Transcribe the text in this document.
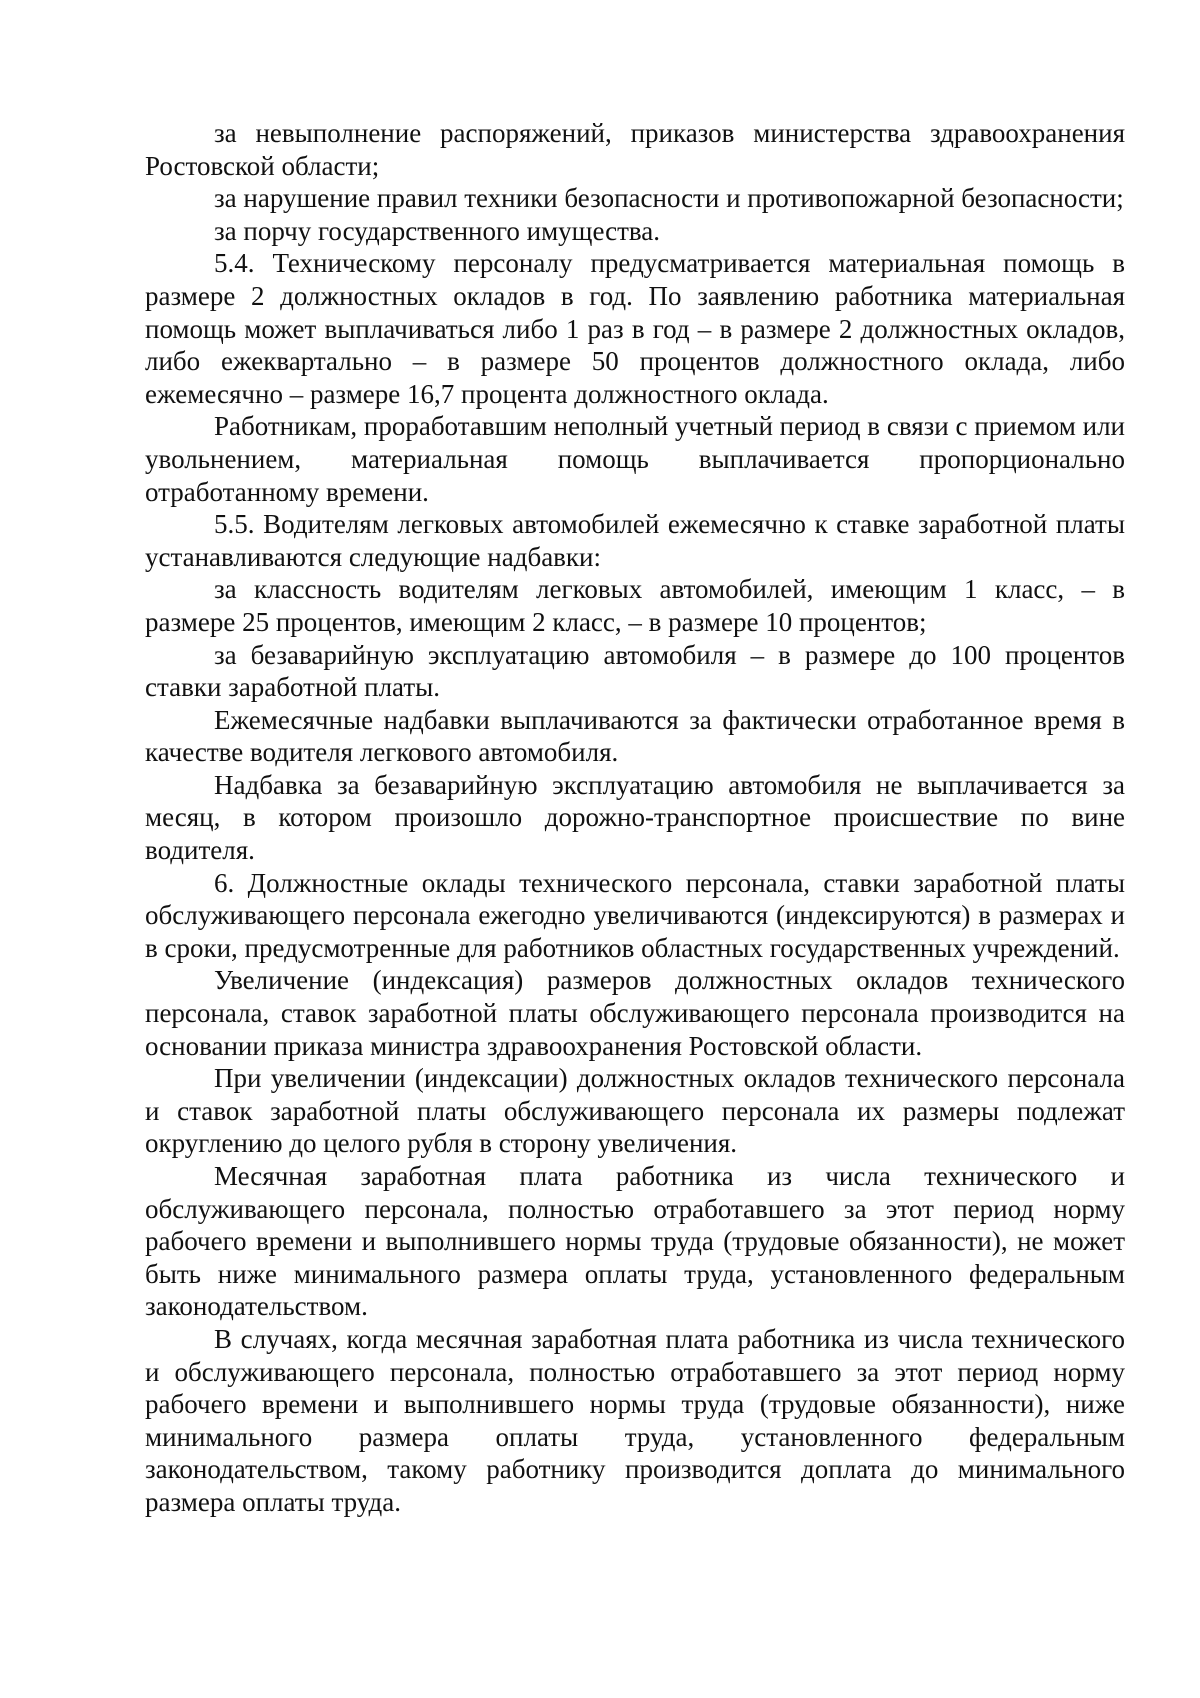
за невыполнение распоряжений, приказов министерства здравоохранения Ростовской области;

за нарушение правил техники безопасности и противопожарной безопасности;

за порчу государственного имущества.

5.4. Техническому персоналу предусматривается материальная помощь в размере 2 должностных окладов в год. По заявлению работника материальная помощь может выплачиваться либо 1 раз в год – в размере 2 должностных окладов, либо ежеквартально – в размере 50 процентов должностного оклада, либо ежемесячно – размере 16,7 процента должностного оклада.

Работникам, проработавшим неполный учетный период в связи с приемом или увольнением, материальная помощь выплачивается пропорционально отработанному времени.

5.5. Водителям легковых автомобилей ежемесячно к ставке заработной платы устанавливаются следующие надбавки:

за классность водителям легковых автомобилей, имеющим 1 класс, – в размере 25 процентов, имеющим 2 класс, – в размере 10 процентов;

за безаварийную эксплуатацию автомобиля – в размере до 100 процентов ставки заработной платы.

Ежемесячные надбавки выплачиваются за фактически отработанное время в качестве водителя легкового автомобиля.

Надбавка за безаварийную эксплуатацию автомобиля не выплачивается за месяц, в котором произошло дорожно-транспортное происшествие по вине водителя.

6. Должностные оклады технического персонала, ставки заработной платы обслуживающего персонала ежегодно увеличиваются (индексируются) в размерах и в сроки, предусмотренные для работников областных государственных учреждений.

Увеличение (индексация) размеров должностных окладов технического персонала, ставок заработной платы обслуживающего персонала производится на основании приказа министра здравоохранения Ростовской области.

При увеличении (индексации) должностных окладов технического персонала и ставок заработной платы обслуживающего персонала их размеры подлежат округлению до целого рубля в сторону увеличения.

Месячная заработная плата работника из числа технического и обслуживающего персонала, полностью отработавшего за этот период норму рабочего времени и выполнившего нормы труда (трудовые обязанности), не может быть ниже минимального размера оплаты труда, установленного федеральным законодательством.

В случаях, когда месячная заработная плата работника из числа технического и обслуживающего персонала, полностью отработавшего за этот период норму рабочего времени и выполнившего нормы труда (трудовые обязанности), ниже минимального размера оплаты труда, установленного федеральным законодательством, такому работнику производится доплата до минимального размера оплаты труда.
